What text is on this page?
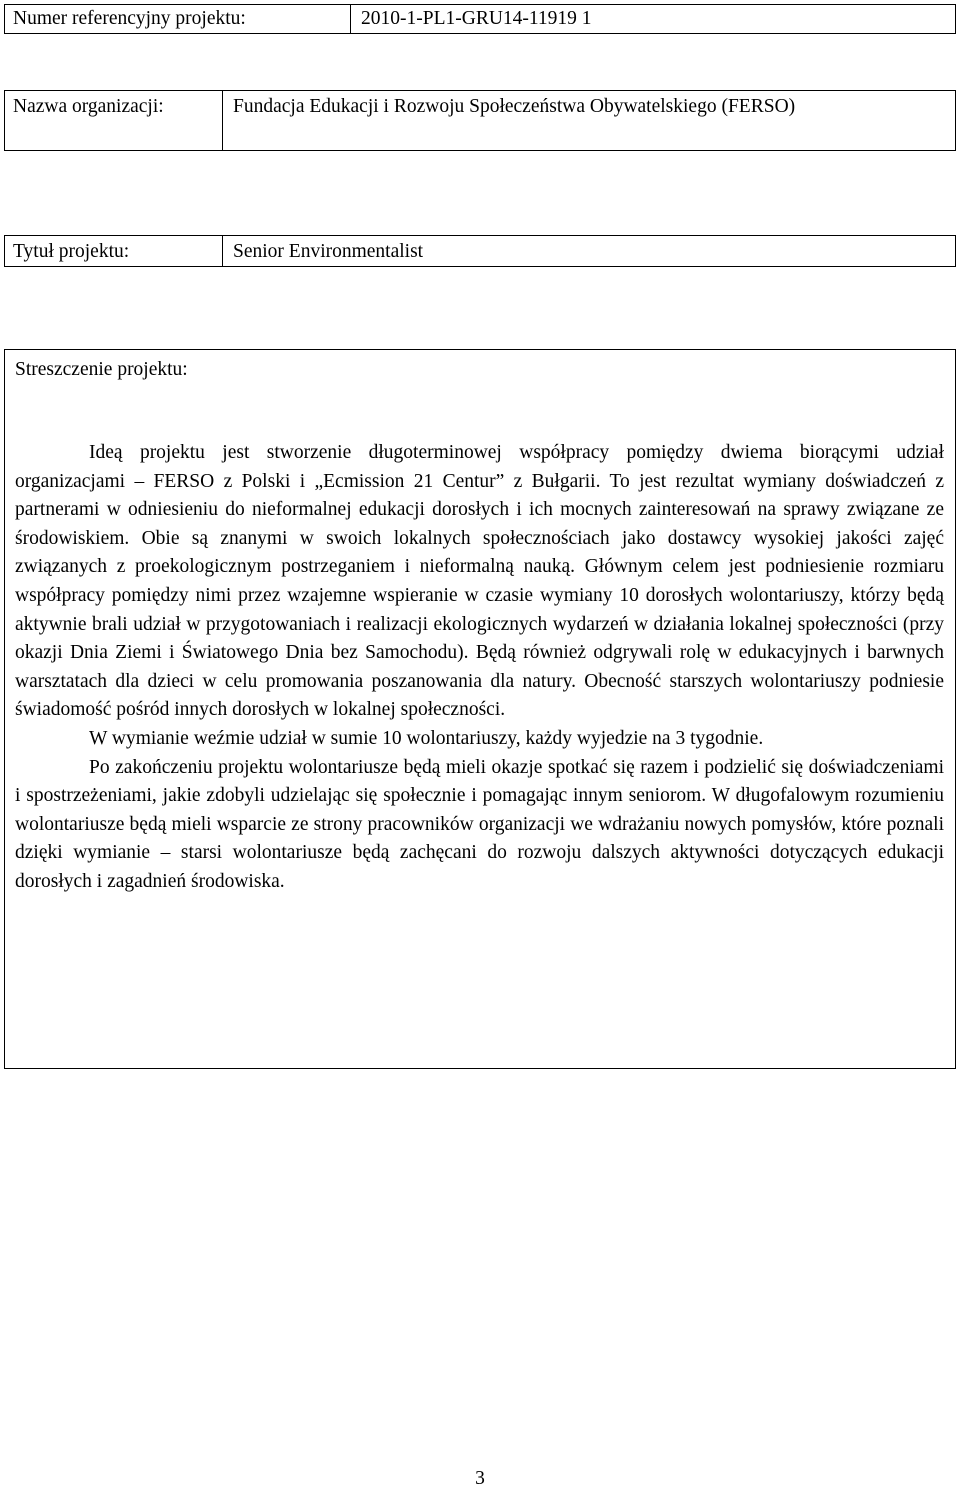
Numer referencyjny projektu:	2010-1-PL1-GRU14-11919 1
Nazwa organizacji:	Fundacja Edukacji i Rozwoju Społeczeństwa Obywatelskiego (FERSO)
Tytuł projektu:	Senior Environmentalist
Streszczenie projektu:

Ideą projektu jest stworzenie długoterminowej współpracy pomiędzy dwiema biorącymi udział organizacjami – FERSO z Polski i „Ecmission 21 Centur” z Bułgarii. To jest rezultat wymiany doświadczeń z partnerami w odniesieniu do nieformalnej edukacji dorosłych i ich mocnych zainteresowań na sprawy związane ze środowiskiem. Obie są znanymi w swoich lokalnych społecznościach jako dostawcy wysokiej jakości zajęć związanych z proekologicznym postrzeganiem i nieformalną nauką. Głównym celem jest podniesienie rozmiaru współpracy pomiędzy nimi przez wzajemne wspieranie w czasie wymiany 10 dorosłych wolontariuszy, którzy będą aktywnie brali udział w przygotowaniach i realizacji ekologicznych wydarzeń w działania lokalnej społeczności (przy okazji Dnia Ziemi i Światowego Dnia bez Samochodu). Będą również odgrywali rolę w edukacyjnych i barwnych warsztatach dla dzieci w celu promowania poszanowania dla natury. Obecność starszych wolontariuszy podniesie świadomość pośród innych dorosłych w lokalnej społeczności.

W wymianie weźmie udział w sumie 10 wolontariuszy, każdy wyjedzie na 3 tygodnie.

Po zakończeniu projektu wolontariusze będą mieli okazje spotkać się razem i podzielić się doświadczeniami i spostrzeżeniami, jakie zdobyli udzielając się społecznie i pomagając innym seniorom. W długofalowym rozumieniu wolontariusze będą mieli wsparcie ze strony pracowników organizacji we wdrażaniu nowych pomysłów, które poznali dzięki wymianie – starsi wolontariusze będą zachęcani do rozwoju dalszych aktywności dotyczących edukacji dorosłych i zagadnień środowiska.

3
